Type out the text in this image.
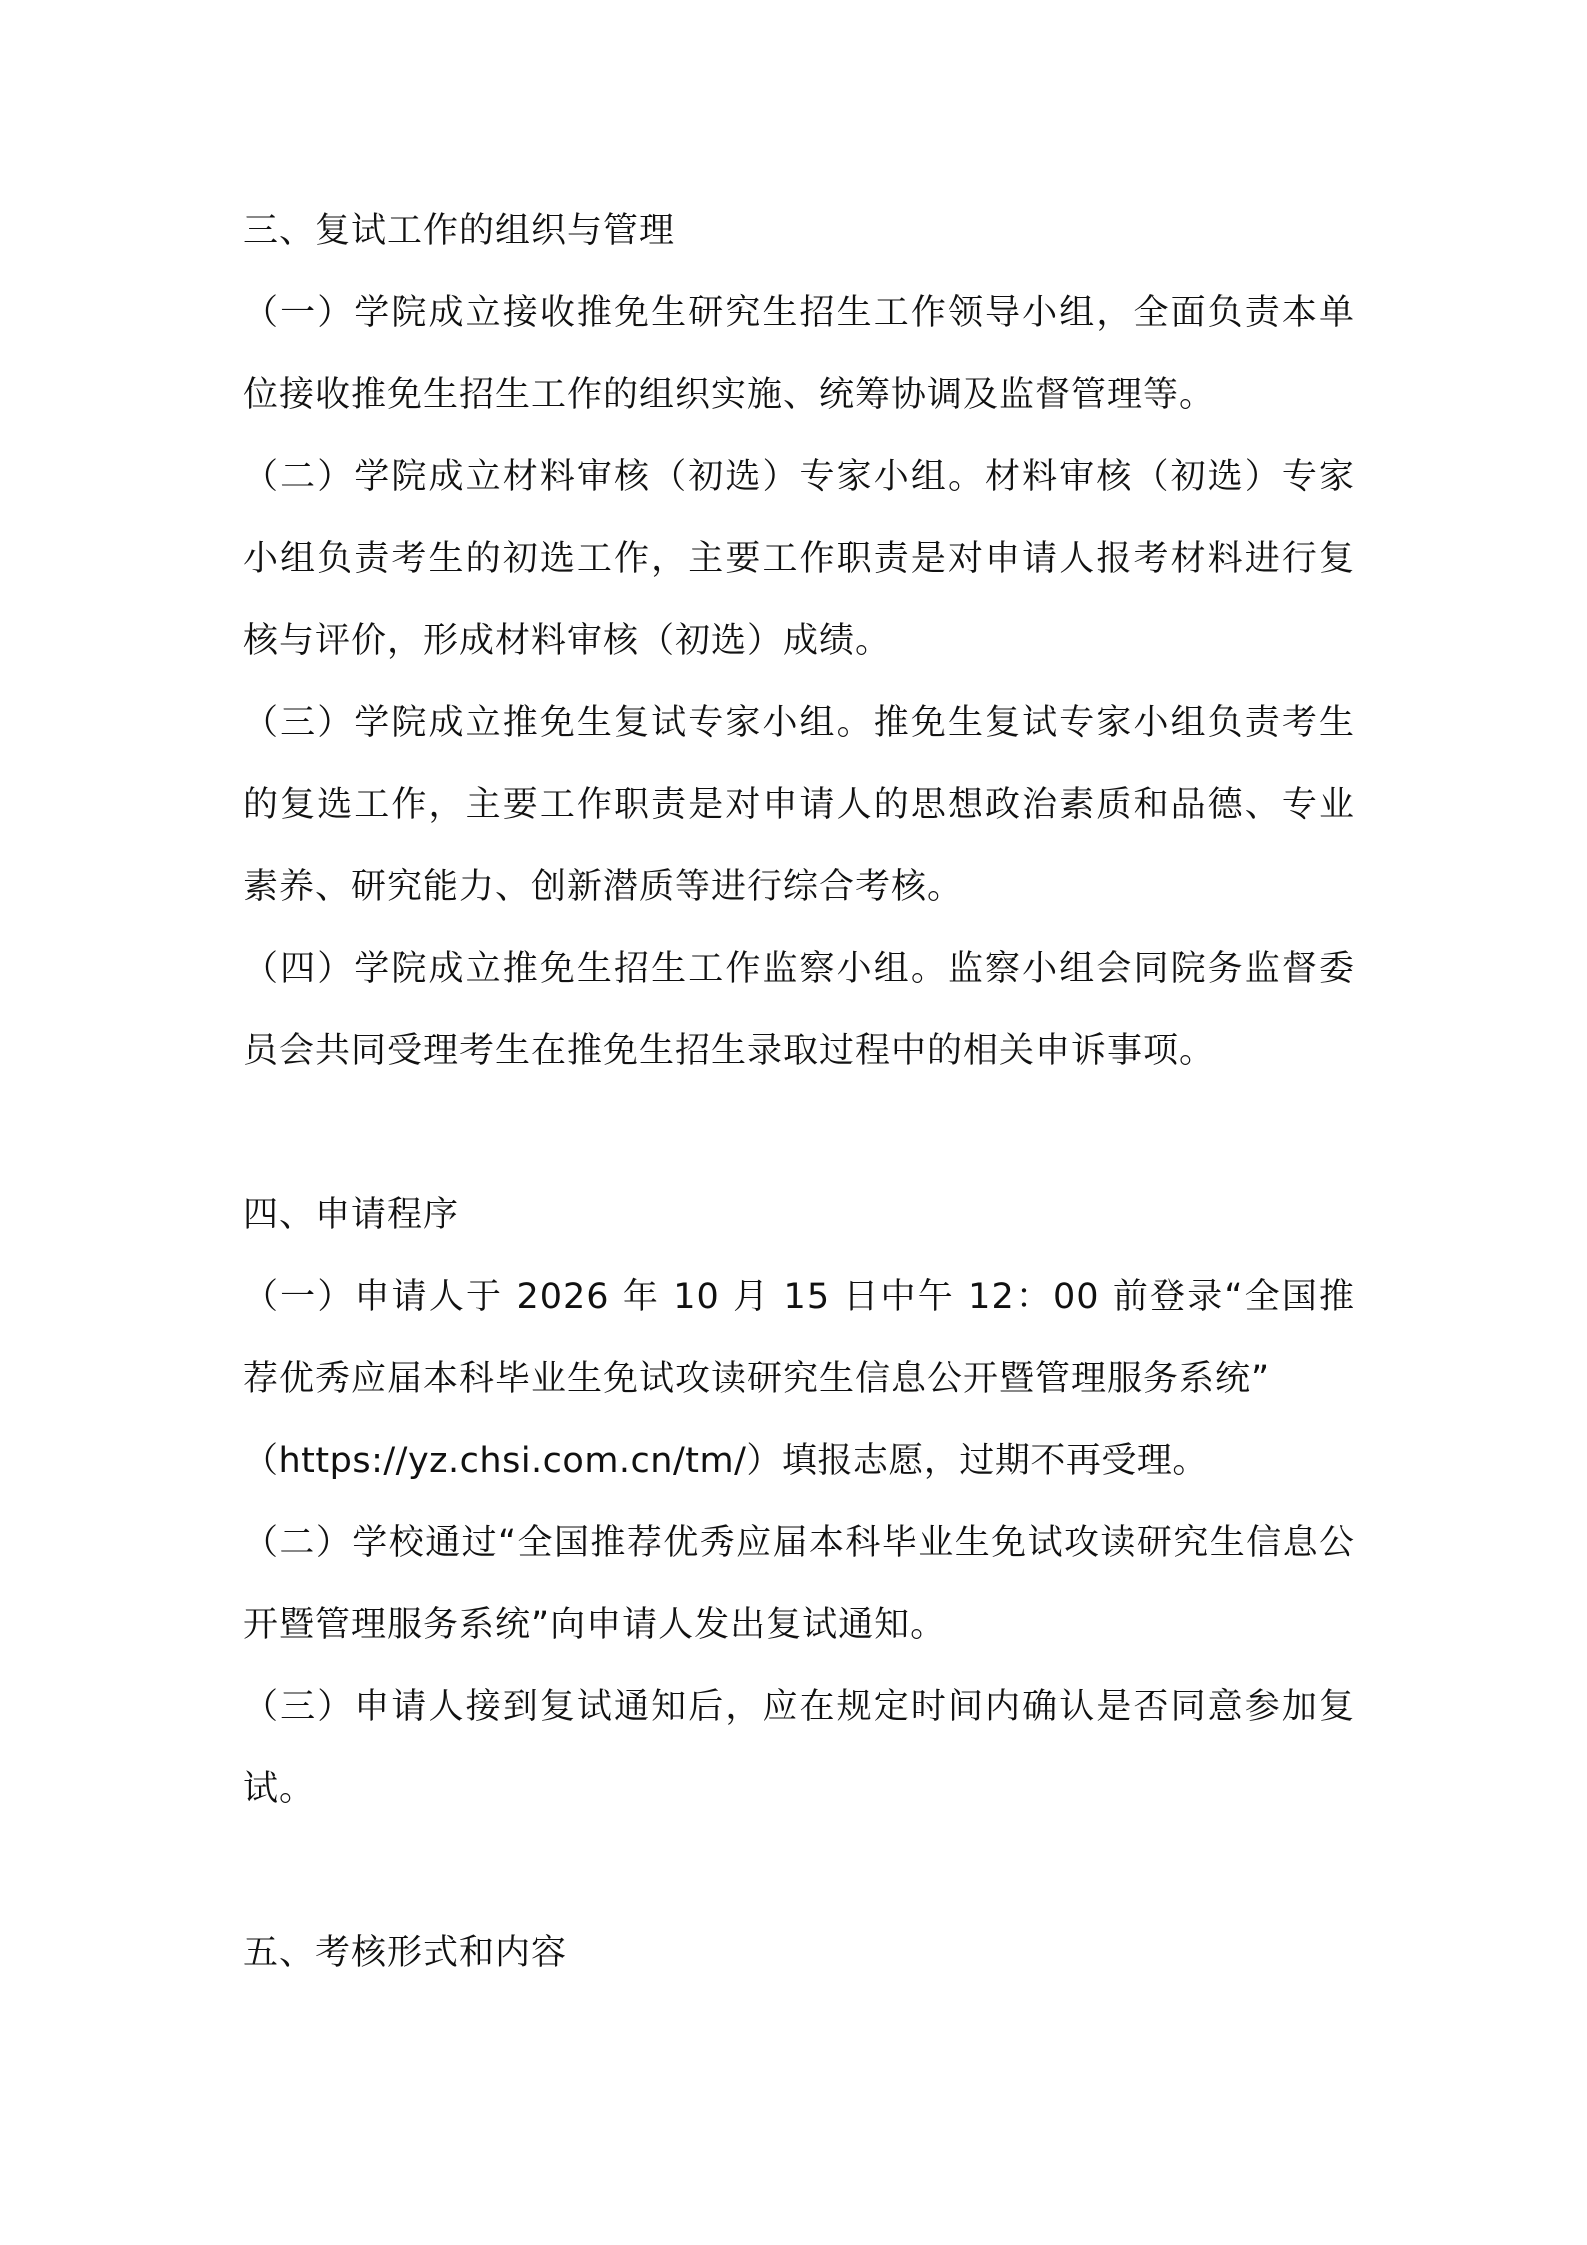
三、复试工作的组织与管理

（一）学院成立接收推免生研究生招生工作领导小组，全面负责本单位接收推免生招生工作的组织实施、统筹协调及监督管理等。

（二）学院成立材料审核（初选）专家小组。材料审核（初选）专家小组负责考生的初选工作，主要工作职责是对申请人报考材料进行复核与评价，形成材料审核（初选）成绩。

（三）学院成立推免生复试专家小组。推免生复试专家小组负责考生的复选工作，主要工作职责是对申请人的思想政治素质和品德、专业素养、研究能力、创新潜质等进行综合考核。

（四）学院成立推免生招生工作监察小组。监察小组会同院务监督委员会共同受理考生在推免生招生录取过程中的相关申诉事项。

四、申请程序

（一）申请人于 2026 年 10 月 15 日中午 12：00 前登录“全国推荐优秀应届本科毕业生免试攻读研究生信息公开暨管理服务系统”

（https://yz.chsi.com.cn/tm/）填报志愿，过期不再受理。

（二）学校通过“全国推荐优秀应届本科毕业生免试攻读研究生信息公开暨管理服务系统”向申请人发出复试通知。

（三）申请人接到复试通知后，应在规定时间内确认是否同意参加复试。

五、考核形式和内容
